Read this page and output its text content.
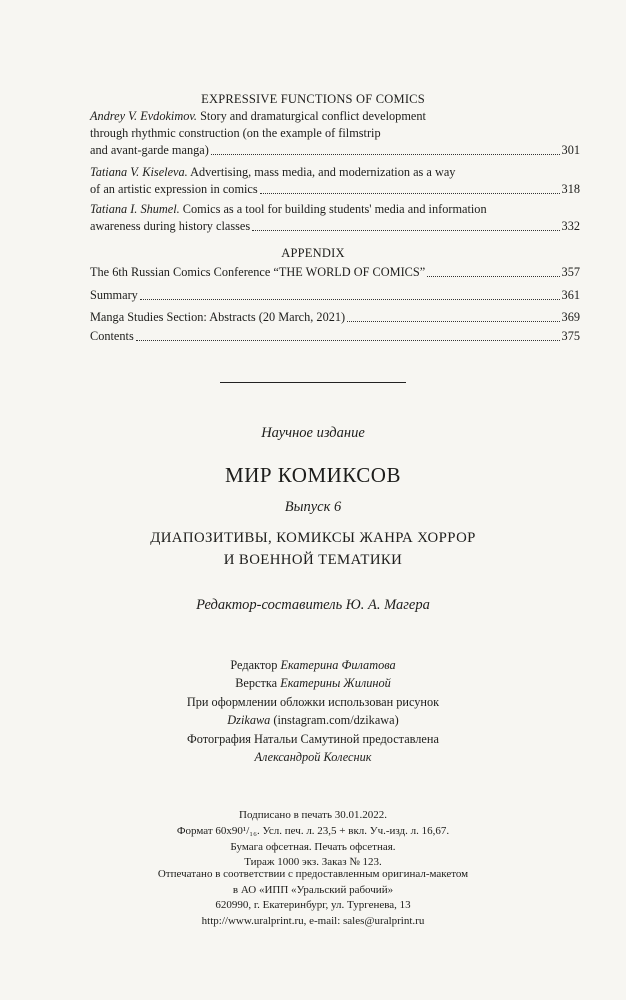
EXPRESSIVE FUNCTIONS OF COMICS
Andrey V. Evdokimov. Story and dramaturgical conflict development
through rhythmic construction (on the example of filmstrip
and avant-garde manga)	301
Tatiana V. Kiseleva. Advertising, mass media, and modernization as a way
of an artistic expression in comics	318
Tatiana I. Shumel. Comics as a tool for building students' media and information
awareness during history classes	332
APPENDIX
The 6th Russian Comics Conference “THE WORLD OF COMICS”	357
Summary	361
Manga Studies Section: Abstracts (20 March, 2021)	369
Contents	375
Научное издание
МИР КОМИКСОВ
Выпуск 6
ДИАПОЗИТИВЫ, КОМИКСЫ ЖАНРА ХОРРОР
И ВОЕННОЙ ТЕМАТИКИ
Редактор-составитель Ю. А. Магера
Редактор Екатерина Филатова
Верстка Екатерины Жилиной
При оформлении обложки использован рисунок
Dzikawa (instagram.com/dzikawa)
Фотография Натальи Самутиной предоставлена
Александрой Колесник
Подписано в печать 30.01.2022.
Формат 60х90¹/₁₆. Усл. печ. л. 23,5 + вкл. Уч.-изд. л. 16,67.
Бумага офсетная. Печать офсетная.
Тираж 1000 экз. Заказ № 123.
Отпечатано в соответствии с предоставленным оригинал-макетом
в АО «ИПП «Уральский рабочий»
620990, г. Екатеринбург, ул. Тургенева, 13
http://www.uralprint.ru, e-mail: sales@uralprint.ru
